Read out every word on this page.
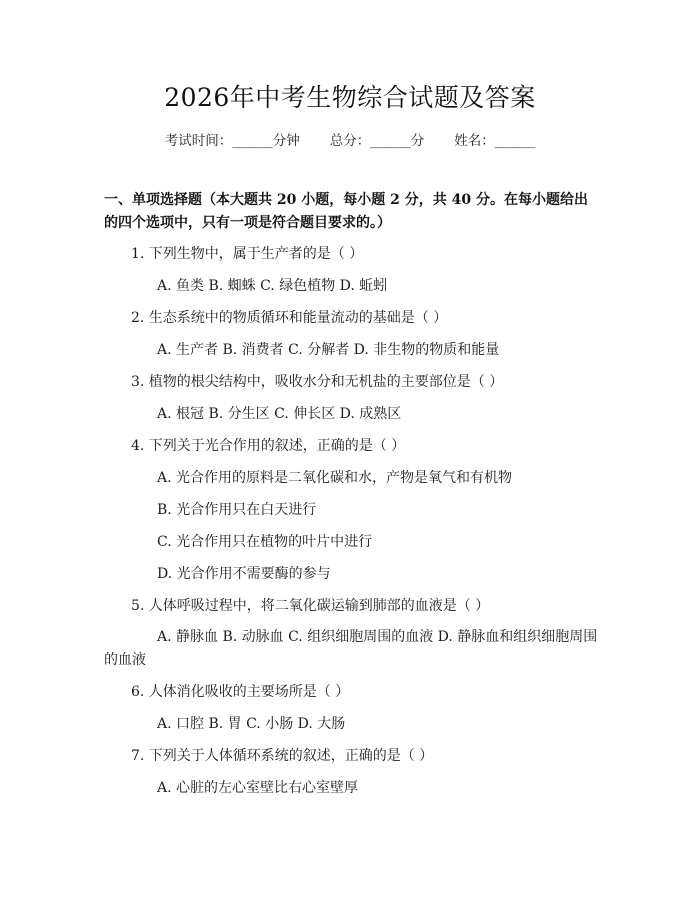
2026年中考生物综合试题及答案
考试时间：______分钟 总分：______分 姓名：______
一、单项选择题（本大题共 20 小题，每小题 2 分，共 40 分。在每小题给出的四个选项中，只有一项是符合题目要求的。）
1. 下列生物中，属于生产者的是（ ）
A. 鱼类 B. 蜘蛛 C. 绿色植物 D. 蚯蚓
2. 生态系统中的物质循环和能量流动的基础是（ ）
A. 生产者 B. 消费者 C. 分解者 D. 非生物的物质和能量
3. 植物的根尖结构中，吸收水分和无机盐的主要部位是（ ）
A. 根冠 B. 分生区 C. 伸长区 D. 成熟区
4. 下列关于光合作用的叙述，正确的是（ ）
A. 光合作用的原料是二氧化碳和水，产物是氧气和有机物
B. 光合作用只在白天进行
C. 光合作用只在植物的叶片中进行
D. 光合作用不需要酶的参与
5. 人体呼吸过程中，将二氧化碳运输到肺部的血液是（ ）
A. 静脉血 B. 动脉血 C. 组织细胞周围的血液 D. 静脉血和组织细胞周围的血液
6. 人体消化吸收的主要场所是（ ）
A. 口腔 B. 胃 C. 小肠 D. 大肠
7. 下列关于人体循环系统的叙述，正确的是（ ）
A. 心脏的左心室壁比右心室壁厚
